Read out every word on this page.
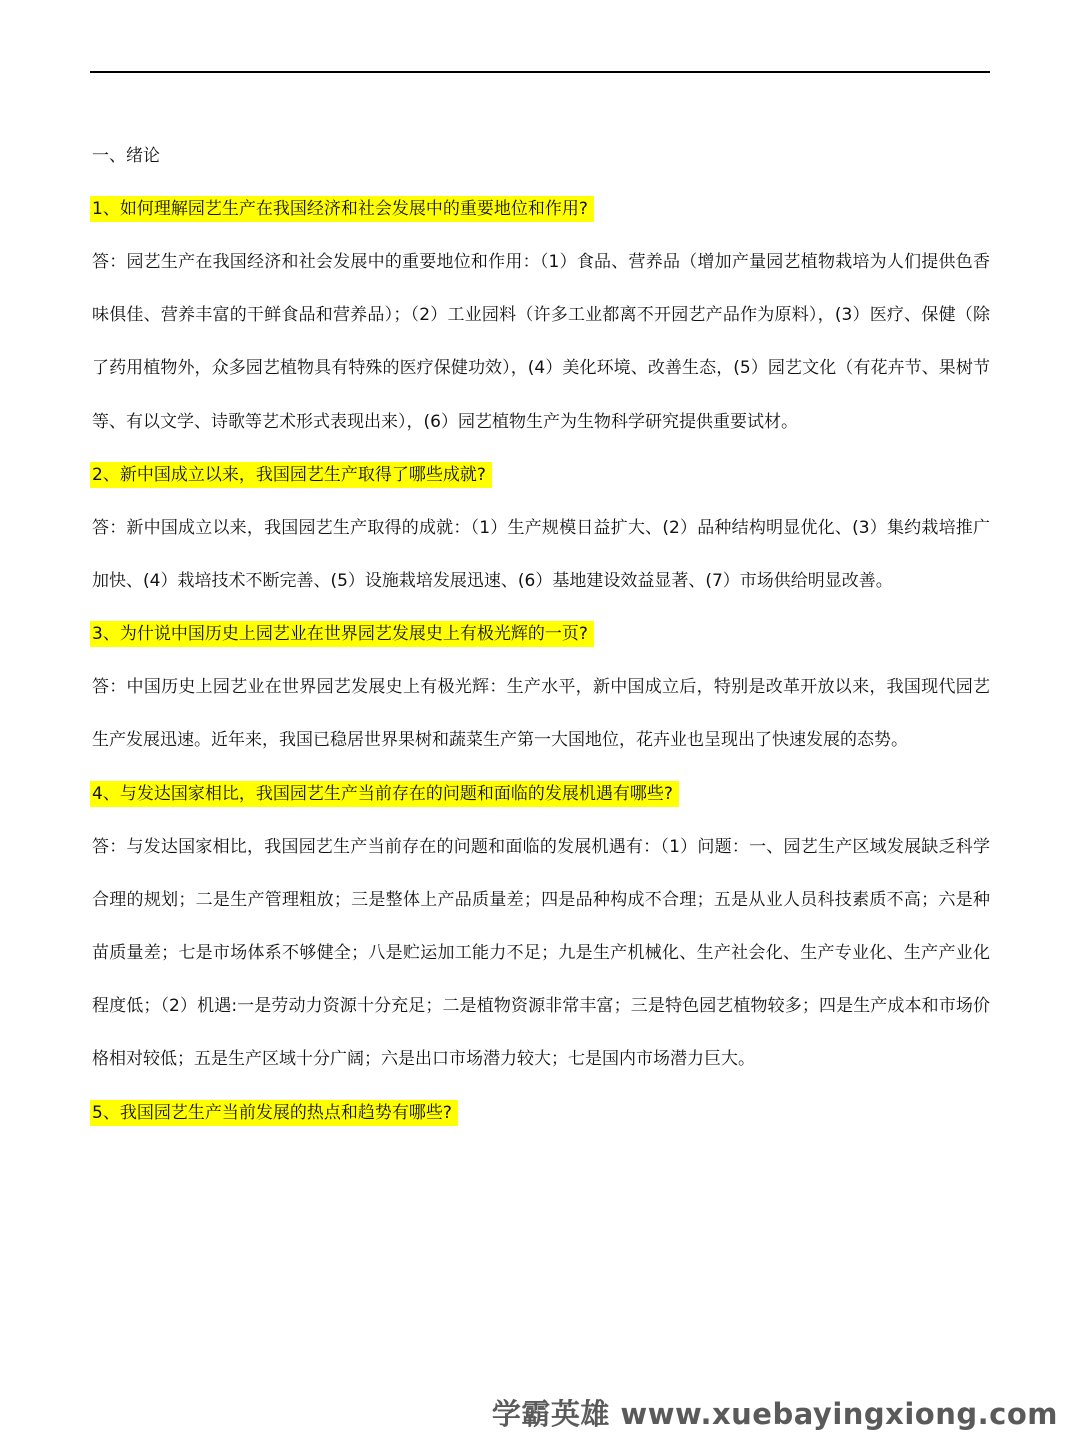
一、绪论

1、如何理解园艺生产在我国经济和社会发展中的重要地位和作用?

答：园艺生产在我国经济和社会发展中的重要地位和作用：（1）食品、营养品（增加产量园艺植物栽培为人们提供色香味俱佳、营养丰富的干鲜食品和营养品）；（2）工业园料（许多工业都离不开园艺产品作为原料），(3）医疗、保健（除了药用植物外，众多园艺植物具有特殊的医疗保健功效），(4）美化环境、改善生态，(5）园艺文化（有花卉节、果树节等、有以文学、诗歌等艺术形式表现出来），(6）园艺植物生产为生物科学研究提供重要试材。

2、新中国成立以来，我国园艺生产取得了哪些成就?

答：新中国成立以来，我国园艺生产取得的成就：（1）生产规模日益扩大、(2）品种结构明显优化、(3）集约栽培推广加快、(4）栽培技术不断完善、(5）设施栽培发展迅速、(6）基地建设效益显著、(7）市场供给明显改善。

3、为什说中国历史上园艺业在世界园艺发展史上有极光辉的一页?

答：中国历史上园艺业在世界园艺发展史上有极光辉：生产水平，新中国成立后，特别是改革开放以来，我国现代园艺生产发展迅速。近年来，我国已稳居世界果树和蔬菜生产第一大国地位，花卉业也呈现出了快速发展的态势。

4、与发达国家相比，我国园艺生产当前存在的问题和面临的发展机遇有哪些?

答：与发达国家相比，我国园艺生产当前存在的问题和面临的发展机遇有：（1）问题：一、园艺生产区域发展缺乏科学合理的规划；二是生产管理粗放；三是整体上产品质量差；四是品种构成不合理；五是从业人员科技素质不高；六是种苗质量差；七是市场体系不够健全；八是贮运加工能力不足；九是生产机械化、生产社会化、生产专业化、生产产业化程度低；（2）机遇:一是劳动力资源十分充足；二是植物资源非常丰富；三是特色园艺植物较多；四是生产成本和市场价格相对较低；五是生产区域十分广阔；六是出口市场潜力较大；七是国内市场潜力巨大。

5、我国园艺生产当前发展的热点和趋势有哪些?

学霸英雄 www.xuebayingxiong.com
